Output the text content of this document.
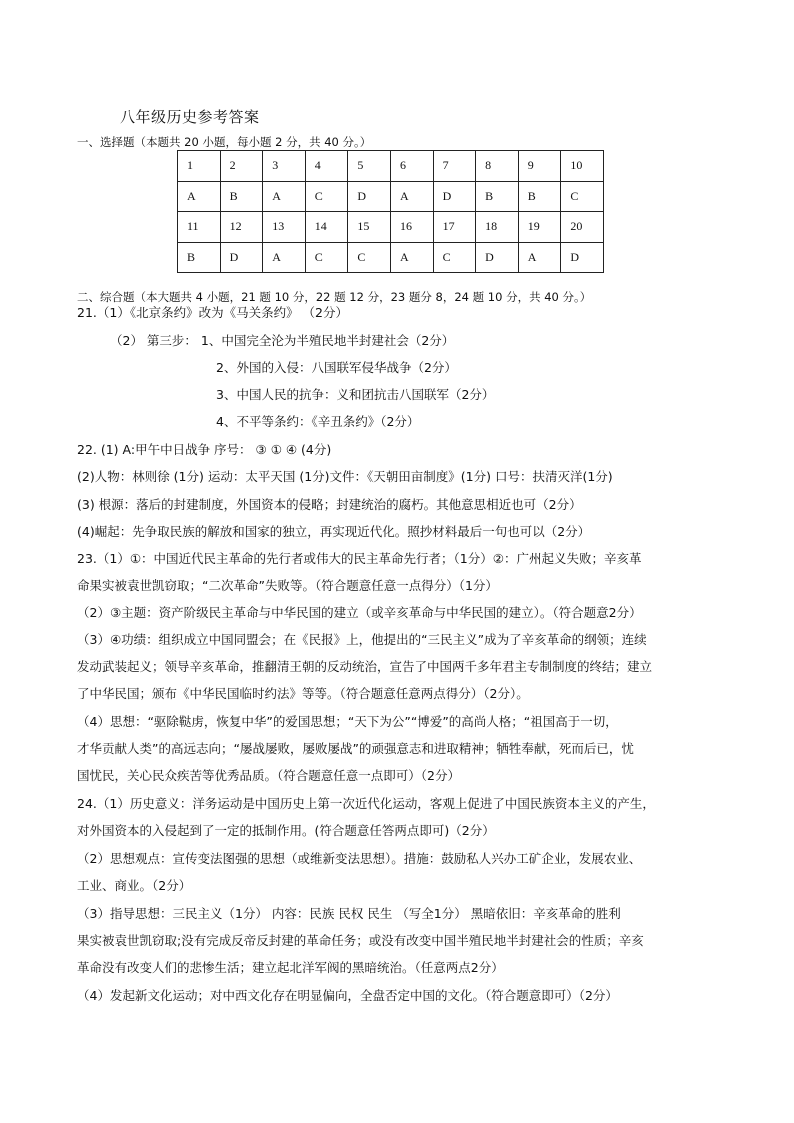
八年级历史参考答案
一、选择题（本题共 20 小题，每小题 2 分，共 40 分。）
1	2	3	4	5	6	7	8	9	10
A	B	A	C	D	A	D	B	B	C
11	12	13	14	15	16	17	18	19	20
B	D	A	C	C	A	C	D	A	D
二、综合题（本大题共 4 小题，21 题 10 分，22 题 12 分，23 题分 8，24 题 10 分，共 40 分。）
21.（1）《北京条约》改为《马关条约》 （2分）
（2） 第三步： 1、中国完全沦为半殖民地半封建社会（2分）
2、外国的入侵：八国联军侵华战争（2分）
3、中国人民的抗争：义和团抗击八国联军（2分）
4、不平等条约：《辛丑条约》（2分）
22. (1) A:甲午中日战争 序号： ③ ① ④ (4分)
(2)人物：林则徐 (1分) 运动：太平天国 (1分)文件：《天朝田亩制度》(1分) 口号：扶清灭洋(1分)
(3) 根源：落后的封建制度，外国资本的侵略；封建统治的腐朽。其他意思相近也可（2分）
(4)崛起：先争取民族的解放和国家的独立，再实现近代化。照抄材料最后一句也可以（2分）
23.（1）①：中国近代民主革命的先行者或伟大的民主革命先行者；（1分）②：广州起义失败；辛亥革
命果实被袁世凯窃取；“二次革命”失败等。（符合题意任意一点得分）（1分）
（2）③主题：资产阶级民主革命与中华民国的建立（或辛亥革命与中华民国的建立）。（符合题意2分）
（3）④功绩：组织成立中国同盟会；在《民报》上，他提出的“三民主义”成为了辛亥革命的纲领；连续
发动武装起义；领导辛亥革命，推翻清王朝的反动统治，宣告了中国两千多年君主专制制度的终结；建立
了中华民国；颁布《中华民国临时约法》等等。（符合题意任意两点得分）（2分）。
（4）思想：“驱除鞑虏，恢复中华”的爱国思想；“天下为公”“博爱”的高尚人格；“祖国高于一切，
才华贡献人类”的高远志向；“屡战屡败，屡败屡战”的顽强意志和进取精神；牺牲奉献，死而后已，忧
国忧民，关心民众疾苦等优秀品质。（符合题意任意一点即可）（2分）
24.（1）历史意义：洋务运动是中国历史上第一次近代化运动，客观上促进了中国民族资本主义的产生，
对外国资本的入侵起到了一定的抵制作用。(符合题意任答两点即可)（2分）
（2）思想观点：宣传变法图强的思想（或维新变法思想）。措施：鼓励私人兴办工矿企业，发展农业、
工业、商业。（2分）
（3）指导思想：三民主义（1分） 内容：民族 民权 民生 （写全1分） 黑暗依旧：辛亥革命的胜利
果实被袁世凯窃取;没有完成反帝反封建的革命任务；或没有改变中国半殖民地半封建社会的性质；辛亥
革命没有改变人们的悲惨生活；建立起北洋军阀的黑暗统治。（任意两点2分）
（4）发起新文化运动；对中西文化存在明显偏向，全盘否定中国的文化。（符合题意即可）（2分）
